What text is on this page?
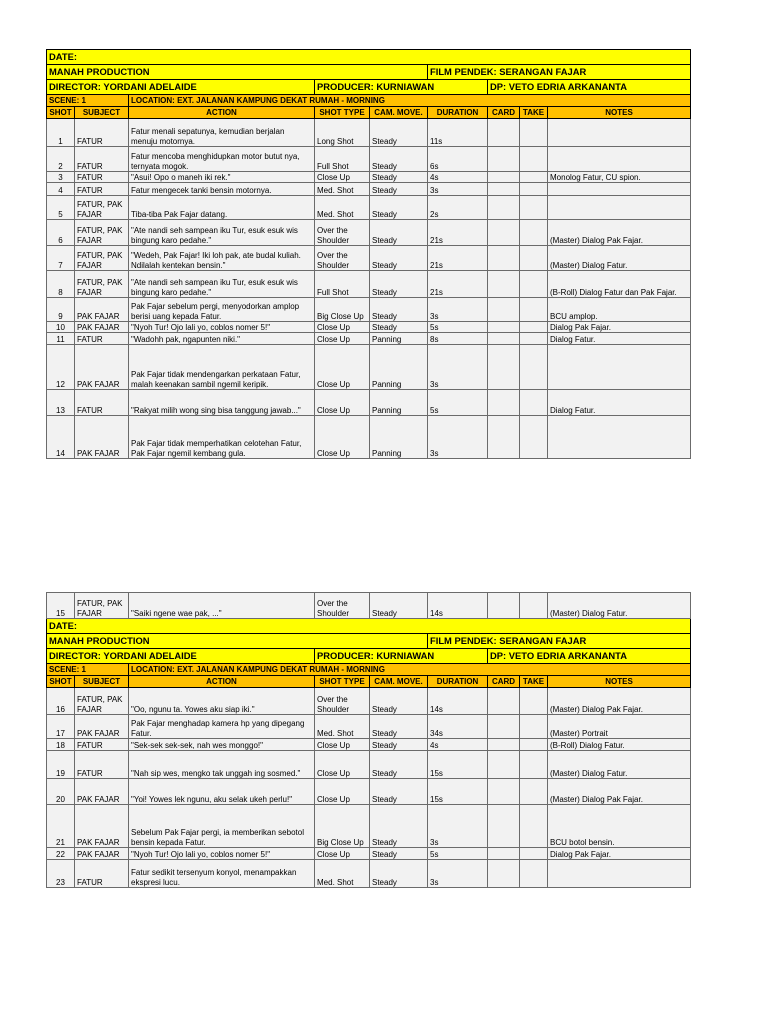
DATE:								
MANAH PRODUCTION					FILM PENDEK: SERANGAN FAJAR			
DIRECTOR: YORDANI ADELAIDE			PRODUCER: KURNIAWAN			DP: VETO EDRIA ARKANANTA		
SCENE: 1		LOCATION: EXT. JALANAN KAMPUNG DEKAT RUMAH - MORNING						
SHOT	SUBJECT	ACTION	SHOT TYPE	CAM. MOVE.	DURATION	CARD	TAKE	NOTES
1	FATUR	Fatur menali sepatunya, kemudian berjalan menuju motornya.	Long Shot	Steady	11s			
2	FATUR	Fatur mencoba menghidupkan motor butut nya, ternyata mogok.	Full Shot	Steady	6s			
3	FATUR	"Asui! Opo o maneh iki rek."	Close Up	Steady	4s			Monolog Fatur, CU spion.
4	FATUR	Fatur mengecek tanki bensin motornya.	Med. Shot	Steady	3s			
5	FATUR, PAK FAJAR	Tiba-tiba Pak Fajar datang.	Med. Shot	Steady	2s			
6	FATUR, PAK FAJAR	"Ate nandi seh sampean iku Tur, esuk esuk wis bingung karo pedahe."	Over the Shoulder	Steady	21s			(Master) Dialog Pak Fajar.
7	FATUR, PAK FAJAR	"Wedeh, Pak Fajar! Iki loh pak, ate budal kuliah. Ndilalah kentekan bensin."	Over the Shoulder	Steady	21s			(Master) Dialog Fatur.
8	FATUR, PAK FAJAR	"Ate nandi seh sampean iku Tur, esuk esuk wis bingung karo pedahe."	Full Shot	Steady	21s			(B-Roll) Dialog Fatur dan Pak Fajar.
9	PAK FAJAR	Pak Fajar sebelum pergi, menyodorkan amplop berisi uang kepada Fatur.	Big Close Up	Steady	3s			BCU amplop.
10	PAK FAJAR	"Nyoh Tur! Ojo lali yo, coblos nomer 5!"	Close Up	Steady	5s			Dialog Pak Fajar.
11	FATUR	"Wadohh pak, ngapunten niki."	Close Up	Panning	8s			Dialog Fatur.
12	PAK FAJAR	Pak Fajar tidak mendengarkan perkataan Fatur, malah keenakan sambil ngemil keripik.	Close Up	Panning	3s			
13	FATUR	"Rakyat milih wong sing bisa tanggung jawab..."	Close Up	Panning	5s			Dialog Fatur.
14	PAK FAJAR	Pak Fajar tidak memperhatikan celotehan Fatur, Pak Fajar ngemil kembang gula.	Close Up	Panning	3s			
15	FATUR, PAK FAJAR	"Saiki ngene wae pak, ..."	Over the Shoulder	Steady	14s			(Master) Dialog Fatur.
DATE:								
MANAH PRODUCTION					FILM PENDEK: SERANGAN FAJAR			
DIRECTOR: YORDANI ADELAIDE			PRODUCER: KURNIAWAN			DP: VETO EDRIA ARKANANTA		
SCENE: 1		LOCATION: EXT. JALANAN KAMPUNG DEKAT RUMAH - MORNING						
SHOT	SUBJECT	ACTION	SHOT TYPE	CAM. MOVE.	DURATION	CARD	TAKE	NOTES
16	FATUR, PAK FAJAR	"Oo, ngunu ta. Yowes aku siap iki."	Over the Shoulder	Steady	14s			(Master) Dialog Pak Fajar.
17	PAK FAJAR	Pak Fajar menghadap kamera hp yang dipegang Fatur.	Med. Shot	Steady	34s			(Master) Portrait
18	FATUR	"Sek-sek sek-sek, nah wes monggo!"	Close Up	Steady	4s			(B-Roll) Dialog Fatur.
19	FATUR	"Nah sip wes, mengko tak unggah ing sosmed."	Close Up	Steady	15s			(Master) Dialog Fatur.
20	PAK FAJAR	"Yoi! Yowes lek ngunu, aku selak ukeh perlu!"	Close Up	Steady	15s			(Master) Dialog Pak Fajar.
21	PAK FAJAR	Sebelum Pak Fajar pergi, ia memberikan sebotol bensin kepada Fatur.	Big Close Up	Steady	3s			BCU botol bensin.
22	PAK FAJAR	"Nyoh Tur! Ojo lali yo, coblos nomer 5!"	Close Up	Steady	5s			Dialog Pak Fajar.
23	FATUR	Fatur sedikit tersenyum konyol, menampakkan ekspresi lucu.	Med. Shot	Steady	3s			
